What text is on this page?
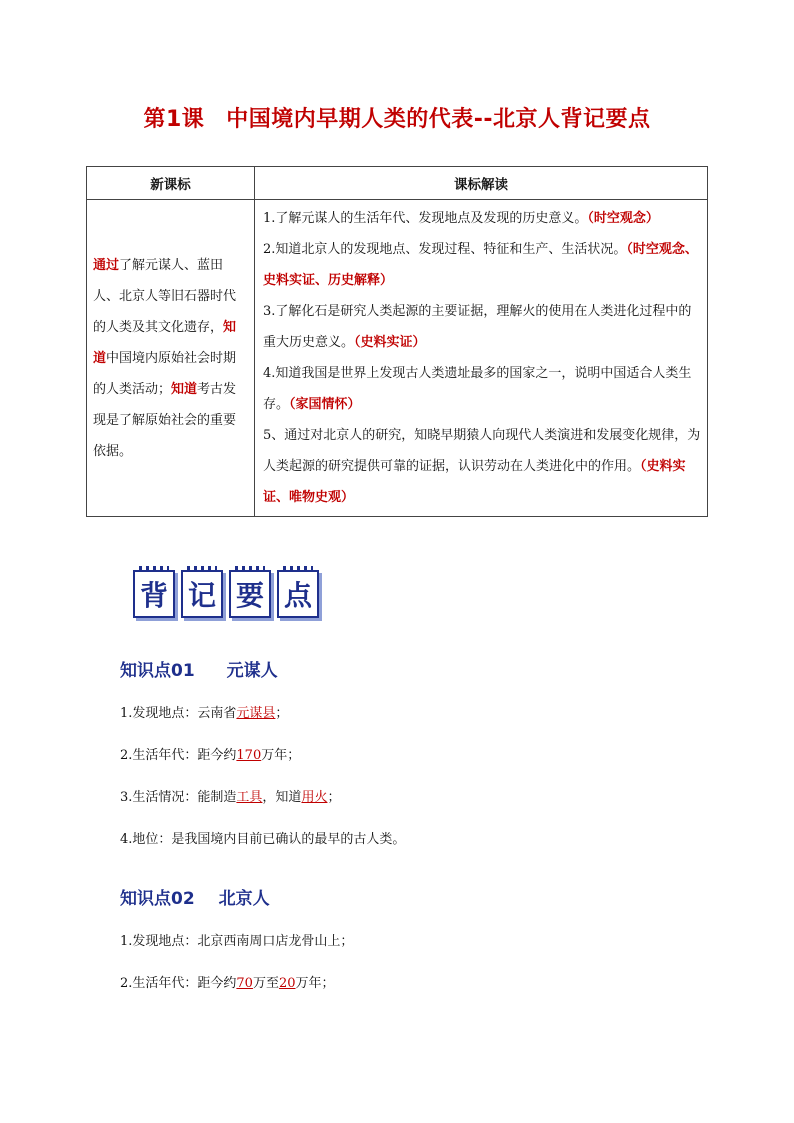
第1课 中国境内早期人类的代表--北京人背记要点
新课标	课标解读
通过了解元谋人、蓝田人、北京人等旧石器时代的人类及其文化遗存，知道中国境内原始社会时期的人类活动；知道考古发现是了解原始社会的重要依据。	1.了解元谋人的生活年代、发现地点及发现的历史意义。（时空观念）
2.知道北京人的发现地点、发现过程、特征和生产、生活状况。（时空观念、史料实证、历史解释）
3.了解化石是研究人类起源的主要证据，理解火的使用在人类进化过程中的重大历史意义。（史料实证）
4.知道我国是世界上发现古人类遗址最多的国家之一，说明中国适合人类生存。（家国情怀）
5、通过对北京人的研究，知晓早期猿人向现代人类演进和发展变化规律，为人类起源的研究提供可靠的证据，认识劳动在人类进化中的作用。（史料实证、唯物史观）
背 记 要 点
知识点01 元谋人
1.发现地点：云南省元谋县；
2.生活年代：距今约170万年；
3.生活情况：能制造工具，知道用火；
4.地位：是我国境内目前已确认的最早的古人类。
知识点02 北京人
1.发现地点：北京西南周口店龙骨山上；
2.生活年代：距今约70万至20万年；
